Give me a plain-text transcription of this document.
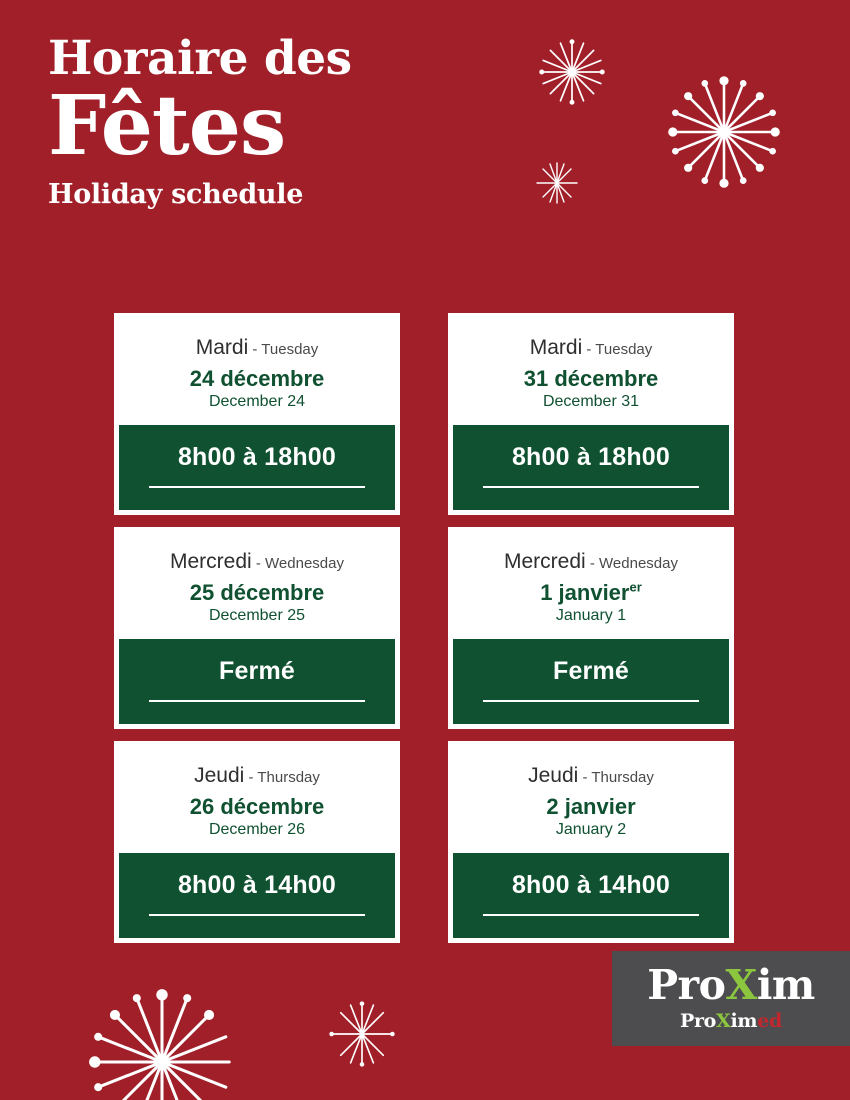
Horaire des
Fêtes
Holiday schedule
Mardi - Tuesday
24 décembre
December 24
8h00 à 18h00
Mardi - Tuesday
31 décembre
December 31
8h00 à 18h00
Mercredi - Wednesday
25 décembre
December 25
Fermé
Mercredi - Wednesday
1 janvier$^{er}$
January 1
Fermé
Jeudi - Thursday
26 décembre
December 26
8h00 à 14h00
Jeudi - Thursday
2 janvier
January 2
8h00 à 14h00
ProXim
ProXimed
